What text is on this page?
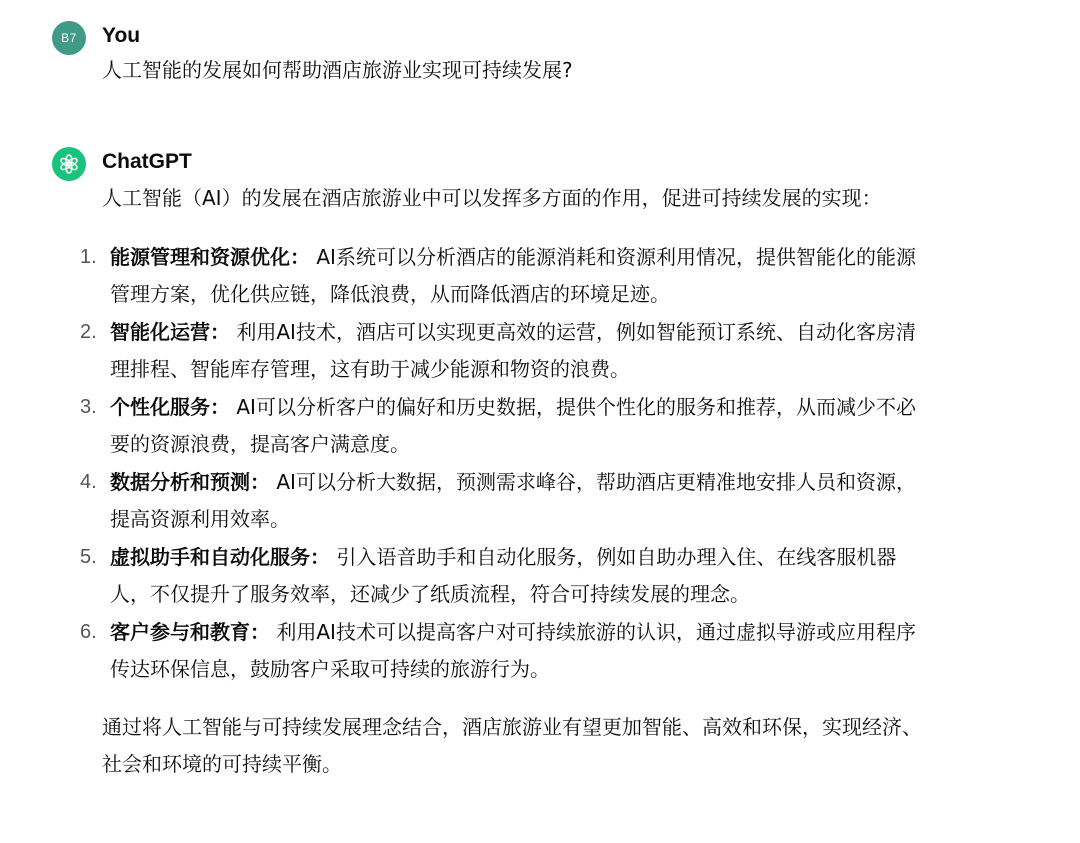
B7 You
人工智能的发展如何帮助酒店旅游业实现可持续发展?
ChatGPT

人工智能（AI）的发展在酒店旅游业中可以发挥多方面的作用，促进可持续发展的实现：

能源管理和资源优化： AI系统可以分析酒店的能源消耗和资源利用情况，提供智能化的能源管理方案，优化供应链，降低浪费，从而降低酒店的环境足迹。
智能化运营： 利用AI技术，酒店可以实现更高效的运营，例如智能预订系统、自动化客房清理排程、智能库存管理，这有助于减少能源和物资的浪费。
个性化服务： AI可以分析客户的偏好和历史数据，提供个性化的服务和推荐，从而减少不必要的资源浪费，提高客户满意度。
数据分析和预测： AI可以分析大数据，预测需求峰谷，帮助酒店更精准地安排人员和资源，提高资源利用效率。
虚拟助手和自动化服务： 引入语音助手和自动化服务，例如自助办理入住、在线客服机器人，不仅提升了服务效率，还减少了纸质流程，符合可持续发展的理念。
客户参与和教育： 利用AI技术可以提高客户对可持续旅游的认识，通过虚拟导游或应用程序传达环保信息，鼓励客户采取可持续的旅游行为。

通过将人工智能与可持续发展理念结合，酒店旅游业有望更加智能、高效和环保，实现经济、社会和环境的可持续平衡。
